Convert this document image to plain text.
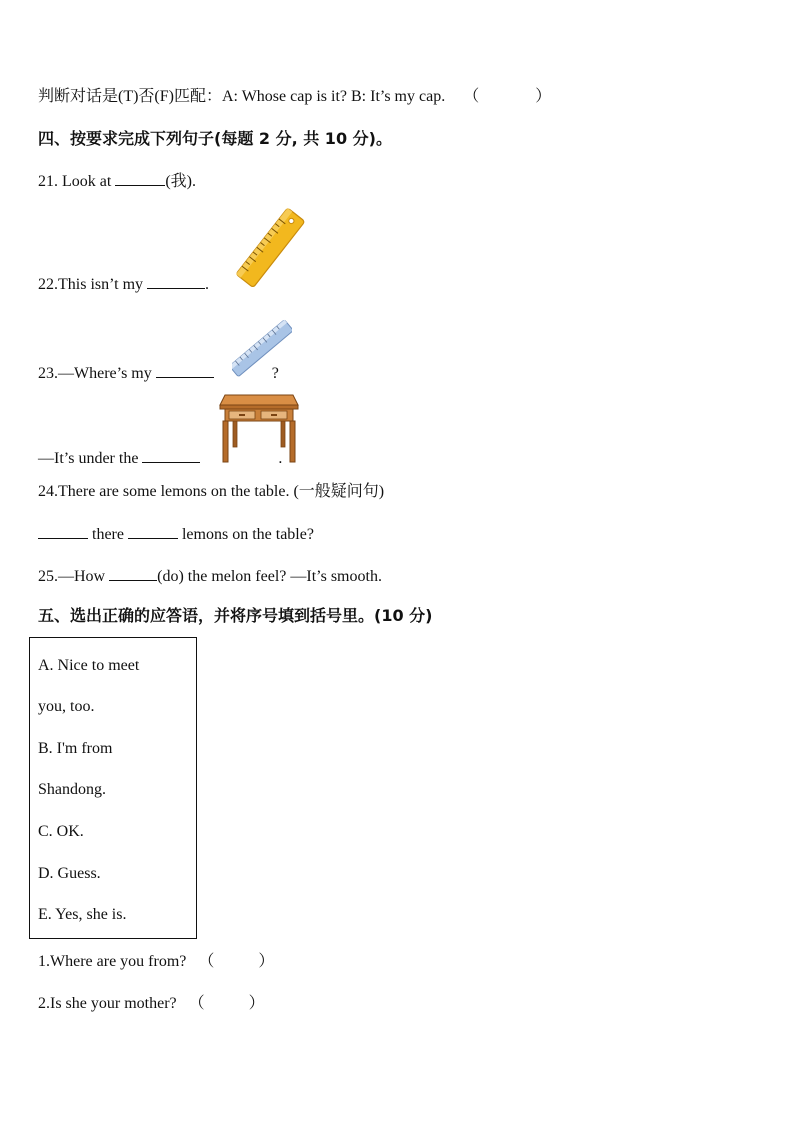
判断对话是(T)否(F)匹配：A: Whose cap is it? B: It’s my cap. （	）
四、按要求完成下列句子(每题 2 分, 共 10 分)。
21. Look at	(我).
22.This isn’t my	.
23.—Where’s my	?
—It’s under the	.
24.There are some lemons on the table. (一般疑问句)
there	lemons on the table?
25.—How	(do) the melon feel? —It’s smooth.
五、选出正确的应答语，并将序号填到括号里。(10 分)
A. Nice to meet
you, too.
B. I'm from
Shandong.
C. OK.
D. Guess.
E. Yes, she is.
1.Where are you from? （	）
2.Is she your mother? （	）
